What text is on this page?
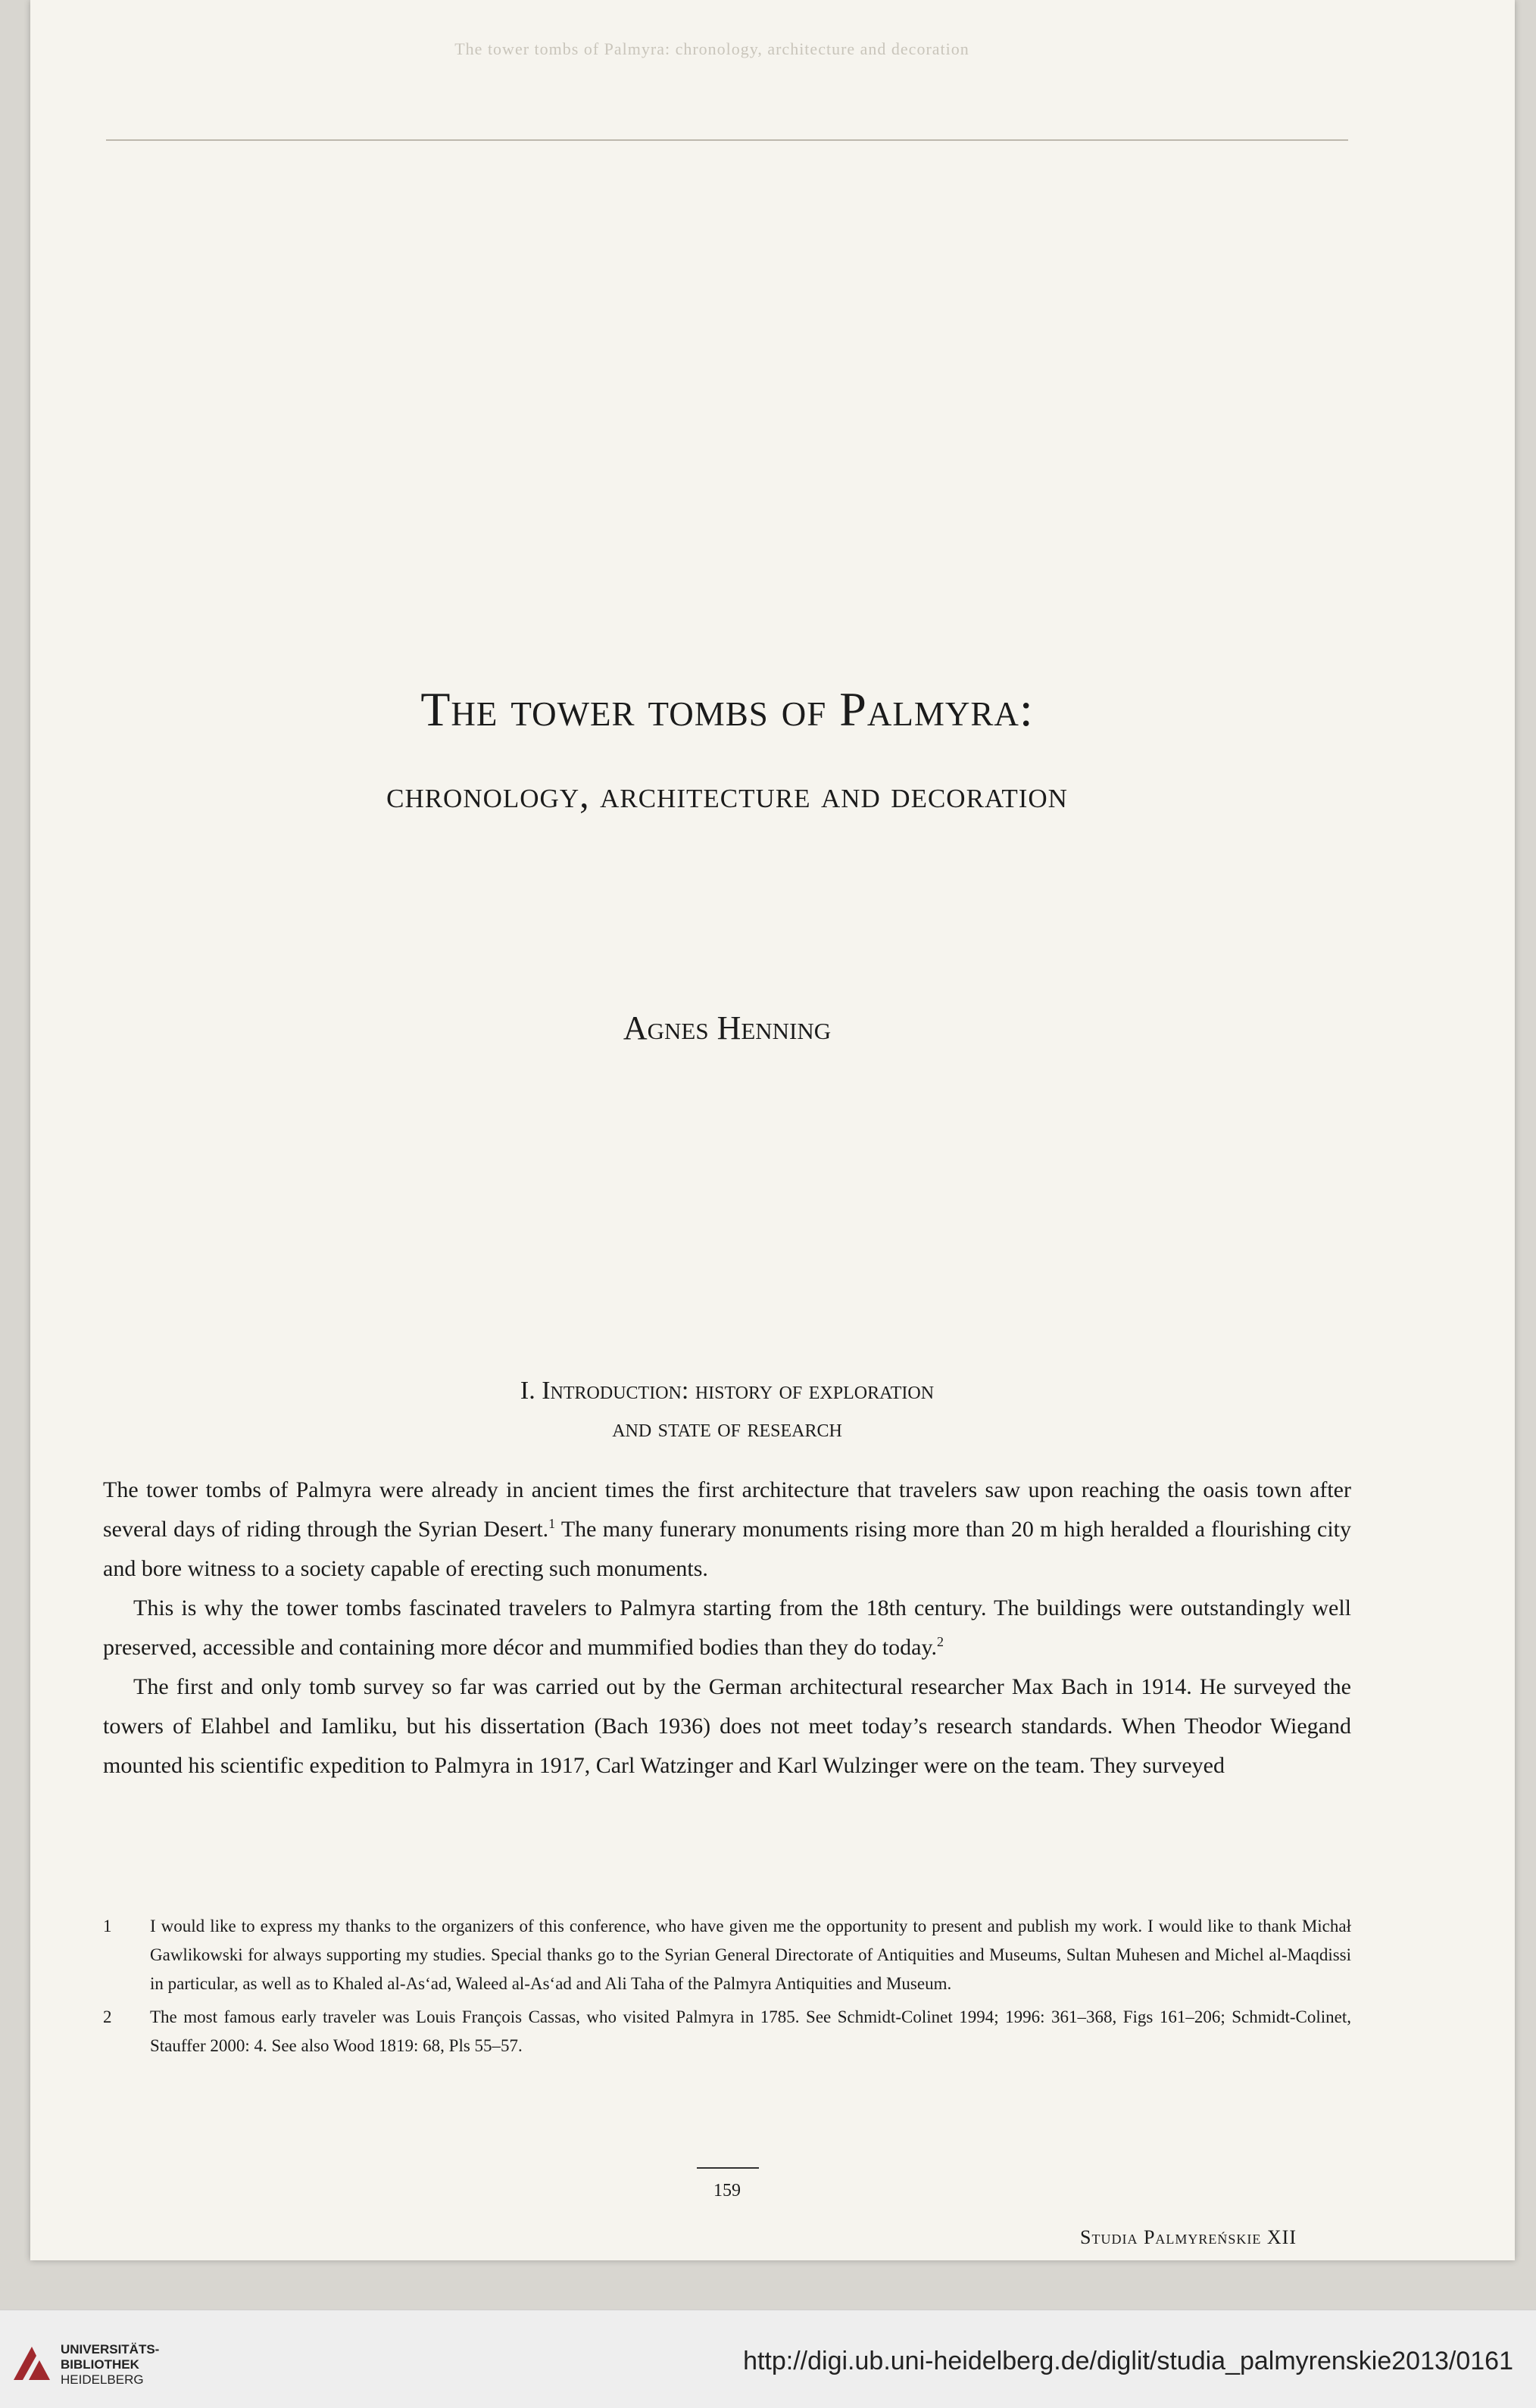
The tower tombs of Palmyra: chronology, architecture and decoration
The tower tombs of Palmyra:
chronology, architecture and decoration
Agnes Henning
I. Introduction: history of exploration
and state of research

The tower tombs of Palmyra were already in ancient times the first architecture that travelers saw upon reaching the oasis town after several days of riding through the Syrian Desert.$^1$ The many funerary monuments rising more than 20 m high heralded a flourishing city and bore witness to a society capable of erecting such monuments.

This is why the tower tombs fascinated travelers to Palmyra starting from the 18th century. The buildings were outstandingly well preserved, accessible and containing more décor and mummified bodies than they do today.$^2$

The first and only tomb survey so far was carried out by the German architectural researcher Max Bach in 1914. He surveyed the towers of Elahbel and Iamliku, but his dissertation (Bach 1936) does not meet today’s research standards. When Theodor Wiegand mounted his scientific expedition to Palmyra in 1917, Carl Watzinger and Karl Wulzinger were on the team. They surveyed

1	I would like to express my thanks to the organizers of this conference, who have given me the opportunity to present and publish my work. I would like to thank Michał Gawlikowski for always supporting my studies. Special thanks go to the Syrian General Directorate of Antiquities and Museums, Sultan Muhesen and Michel al-Maqdissi in particular, as well as to Khaled al-As‘ad, Waleed al-As‘ad and Ali Taha of the Palmyra Antiquities and Museum.
2	The most famous early traveler was Louis François Cassas, who visited Palmyra in 1785. See Schmidt-Colinet 1994; 1996: 361–368, Figs 161–206; Schmidt-Colinet, Stauffer 2000: 4. See also Wood 1819: 68, Pls 55–57.
159
Studia Palmyreńskie XII
UNIVERSITÄTS-
BIBLIOTHEK
HEIDELBERG
http://digi.ub.uni-heidelberg.de/diglit/studia_palmyrenskie2013/0161
